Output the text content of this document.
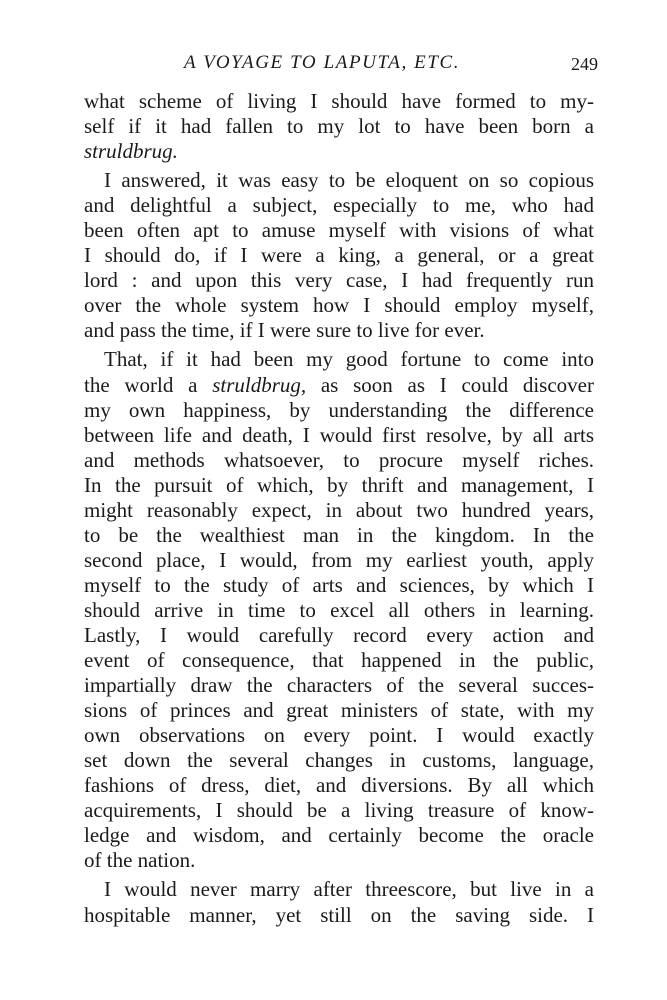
A VOYAGE TO LAPUTA, ETC.	249
what scheme of living I should have formed to my-
self if it had fallen to my lot to have been born a
struldbrug.
I answered, it was easy to be eloquent on so copious
and delightful a subject, especially to me, who had
been often apt to amuse myself with visions of what
I should do, if I were a king, a general, or a great
lord : and upon this very case, I had frequently run
over the whole system how I should employ myself,
and pass the time, if I were sure to live for ever.
That, if it had been my good fortune to come into
the world a struldbrug, as soon as I could discover
my own happiness, by understanding the difference
between life and death, I would first resolve, by all arts
and methods whatsoever, to procure myself riches.
In the pursuit of which, by thrift and management, I
might reasonably expect, in about two hundred years,
to be the wealthiest man in the kingdom. In the
second place, I would, from my earliest youth, apply
myself to the study of arts and sciences, by which I
should arrive in time to excel all others in learning.
Lastly, I would carefully record every action and
event of consequence, that happened in the public,
impartially draw the characters of the several succes-
sions of princes and great ministers of state, with my
own observations on every point. I would exactly
set down the several changes in customs, language,
fashions of dress, diet, and diversions. By all which
acquirements, I should be a living treasure of know-
ledge and wisdom, and certainly become the oracle
of the nation.
I would never marry after threescore, but live in a
hospitable manner, yet still on the saving side. I
